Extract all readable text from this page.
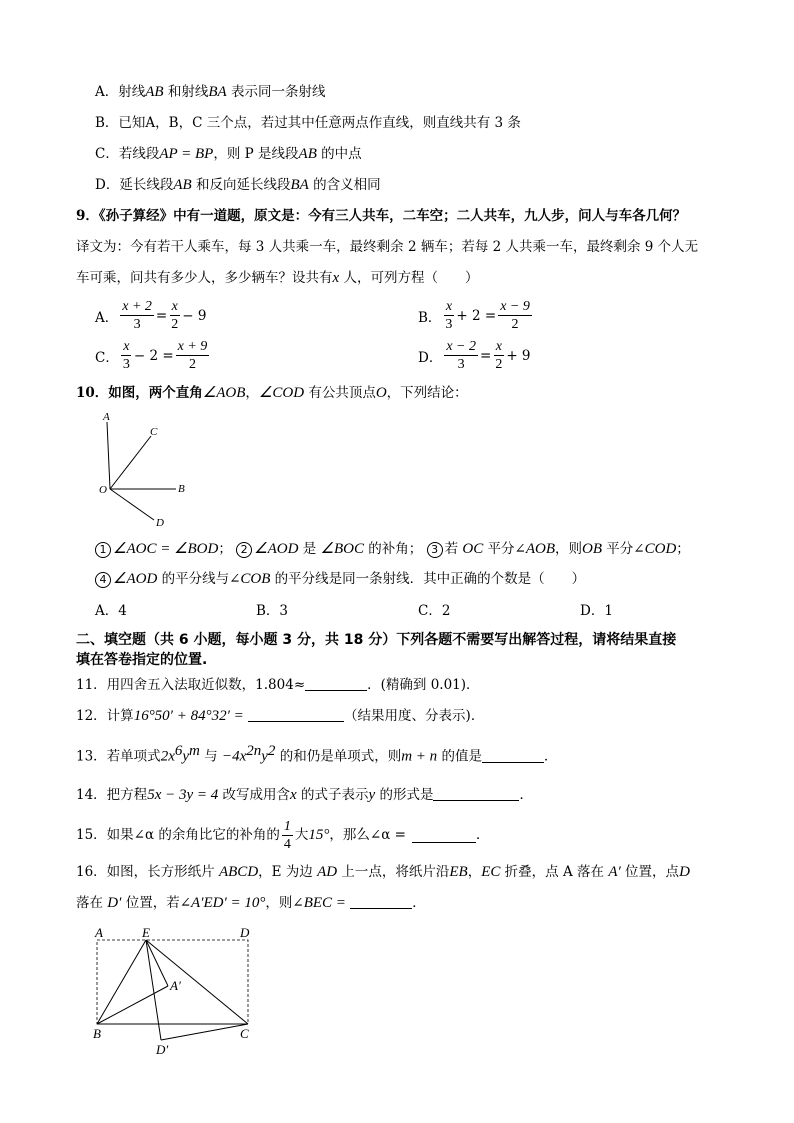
A．射线AB 和射线BA 表示同一条射线
B．已知A，B，C 三个点，若过其中任意两点作直线，则直线共有 3 条
C．若线段AP = BP，则 P 是线段AB 的中点
D．延长线段AB 和反向延长线段BA 的含义相同
9．《孙子算经》中有一道题，原文是：今有三人共车，二车空；二人共车，九人步，问人与车各几何？
译文为：今有若干人乘车，每 3 人共乘一车，最终剩余 2 辆车；若每 2 人共乘一车，最终剩余 9 个人无
车可乘，问共有多少人，多少辆车？设共有x 人，可列方程（　　）
A． $\frac{x + 2}{3} = \frac{x}{2} - 9$	B． $\frac{x}{3} + 2 = \frac{x - 9}{2}$
C． $\frac{x}{3} - 2 = \frac{x + 9}{2}$	D． $\frac{x - 2}{3} = \frac{x}{2} + 9$
10．如图，两个直角∠AOB，∠COD 有公共顶点O，下列结论：
A
C
O	B
D
1 ∠AOC = ∠BOD； 2 ∠AOD 是 ∠BOC 的补角； 3 若 OC 平分∠AOB，则OB 平分∠COD；
4 ∠AOD 的平分线与∠COB 的平分线是同一条射线．其中正确的个数是（　　）
A．4	B．3	C．2	D．1
二、填空题（共 6 小题，每小题 3 分，共 18 分）下列各题不需要写出解答过程，请将结果直接
填在答卷指定的位置.
11．用四舍五入法取近似数，1.804≈	．(精确到 0.01)．
12．计算16°50′ + 84°32′ =	（结果用度、分表示)．
13．若单项式$2x^6y^m$ 与 $-4x^{2n}y^2$ 的和仍是单项式，则m + n 的值是	．
14．把方程5x − 3y = 4 改写成用含x 的式子表示y 的形式是	．
15．如果∠α 的余角比它的补角的 $\frac{1}{4}$ 大 15° ，那么∠α =	．
16．如图，长方形纸片 ABCD，E 为边 AD 上一点，将纸片沿EB，EC 折叠，点 A 落在 A′ 位置，点D
落在 D′ 位置，若∠A′ED′ = 10°，则∠BEC =	．
A	E	D
A′
B	C
D′
